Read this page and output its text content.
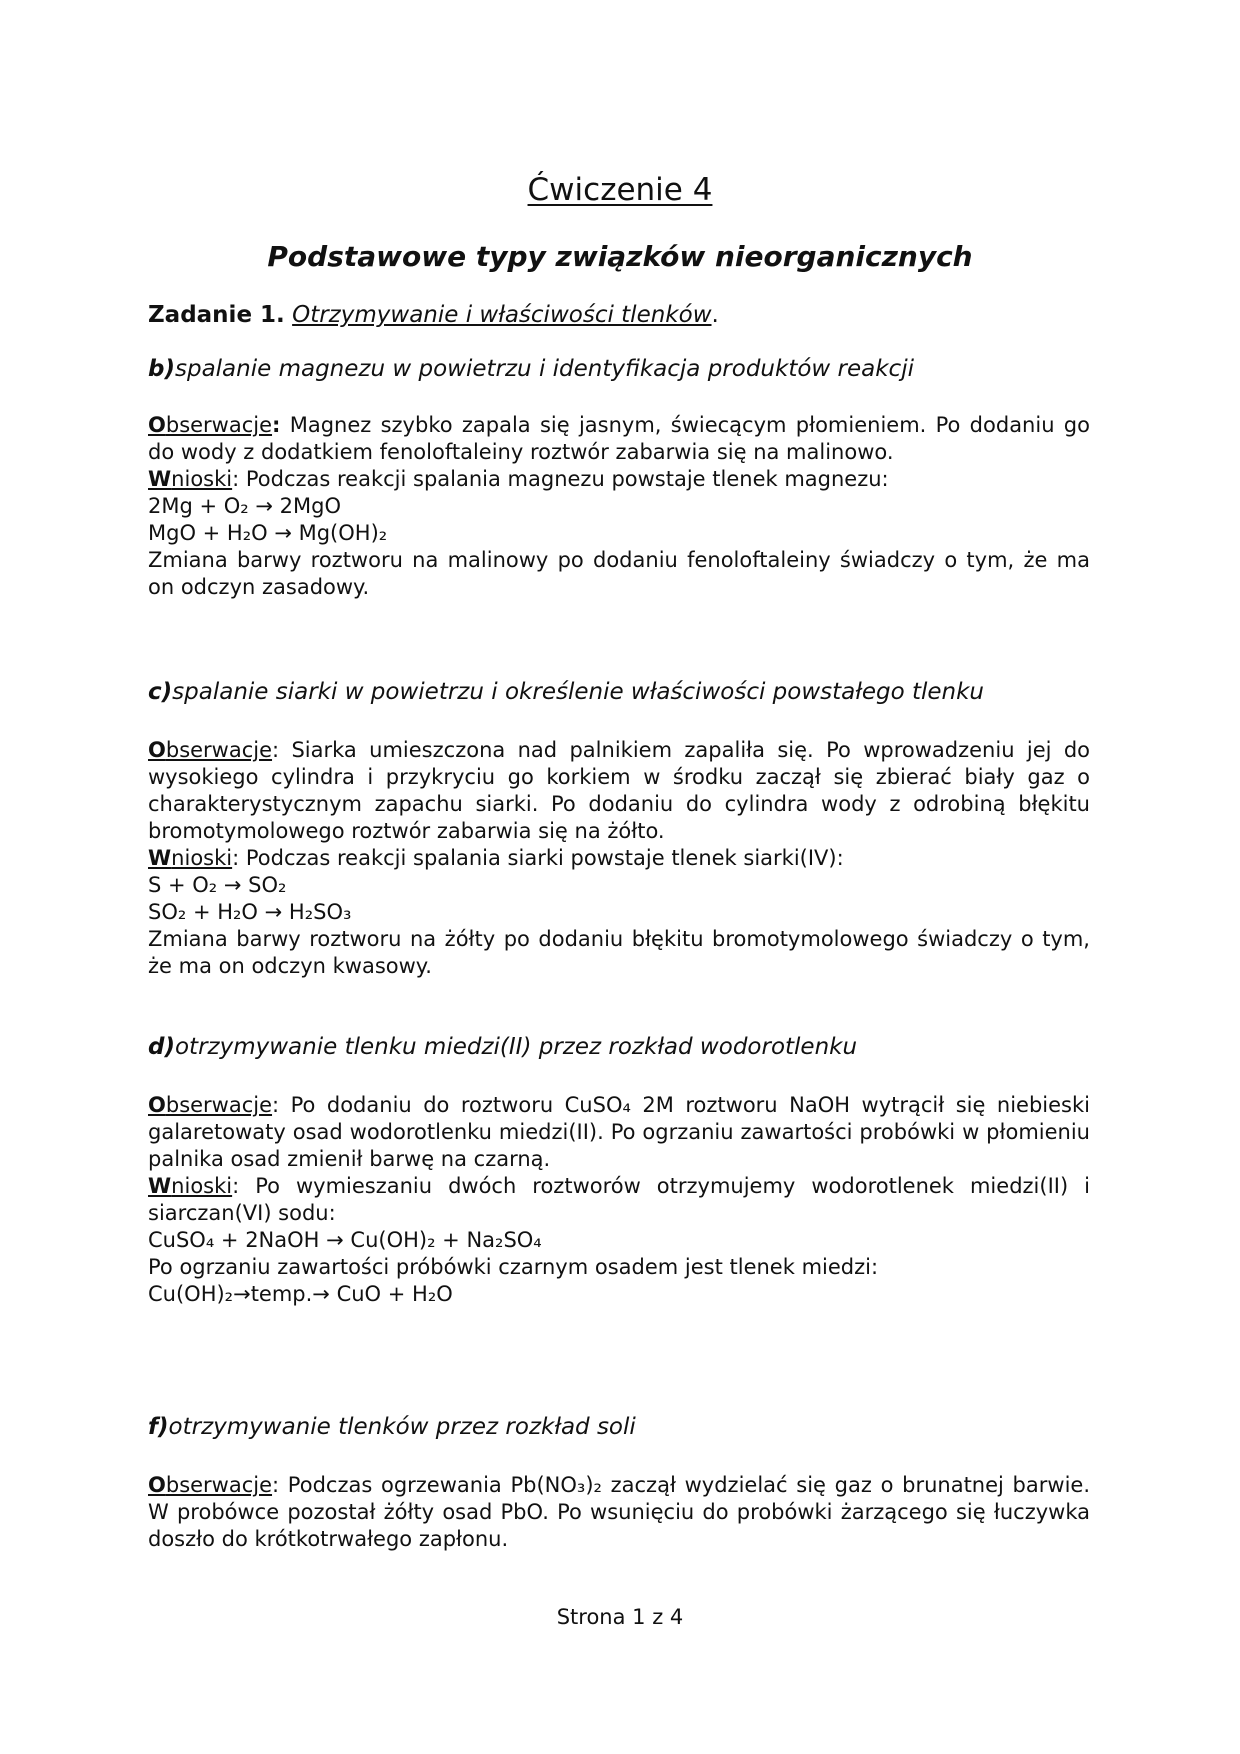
Ćwiczenie 4
Podstawowe typy związków nieorganicznych
Zadanie 1. Otrzymywanie i właściwości tlenków.
b)spalanie magnezu w powietrzu i identyfikacja produktów reakcji

Obserwacje: Magnez szybko zapala się jasnym, świecącym płomieniem. Po dodaniu go do wody z dodatkiem fenoloftaleiny roztwór zabarwia się na malinowo.

Wnioski: Podczas reakcji spalania magnezu powstaje tlenek magnezu:

2Mg + O₂ → 2MgO

MgO + H₂O → Mg(OH)₂

Zmiana barwy roztworu na malinowy po dodaniu fenoloftaleiny świadczy o tym, że ma on odczyn zasadowy.

c)spalanie siarki w powietrzu i określenie właściwości powstałego tlenku

Obserwacje: Siarka umieszczona nad palnikiem zapaliła się. Po wprowadzeniu jej do wysokiego cylindra i przykryciu go korkiem w środku zaczął się zbierać biały gaz o charakterystycznym zapachu siarki. Po dodaniu do cylindra wody z odrobiną błękitu bromotymolowego roztwór zabarwia się na żółto.

Wnioski: Podczas reakcji spalania siarki powstaje tlenek siarki(IV):

S + O₂ → SO₂

SO₂ + H₂O → H₂SO₃

Zmiana barwy roztworu na żółty po dodaniu błękitu bromotymolowego świadczy o tym, że ma on odczyn kwasowy.

d)otrzymywanie tlenku miedzi(II) przez rozkład wodorotlenku

Obserwacje: Po dodaniu do roztworu CuSO₄ 2M roztworu NaOH wytrącił się niebieski galaretowaty osad wodorotlenku miedzi(II). Po ogrzaniu zawartości probówki w płomieniu palnika osad zmienił barwę na czarną.

Wnioski: Po wymieszaniu dwóch roztworów otrzymujemy wodorotlenek miedzi(II) i siarczan(VI) sodu:

CuSO₄ + 2NaOH → Cu(OH)₂ + Na₂SO₄

Po ogrzaniu zawartości próbówki czarnym osadem jest tlenek miedzi:

Cu(OH)₂→temp.→ CuO + H₂O

f)otrzymywanie tlenków przez rozkład soli

Obserwacje: Podczas ogrzewania Pb(NO₃)₂ zaczął wydzielać się gaz o brunatnej barwie. W probówce pozostał żółty osad PbO. Po wsunięciu do probówki żarzącego się łuczywka doszło do krótkotrwałego zapłonu.

Strona 1 z 4
